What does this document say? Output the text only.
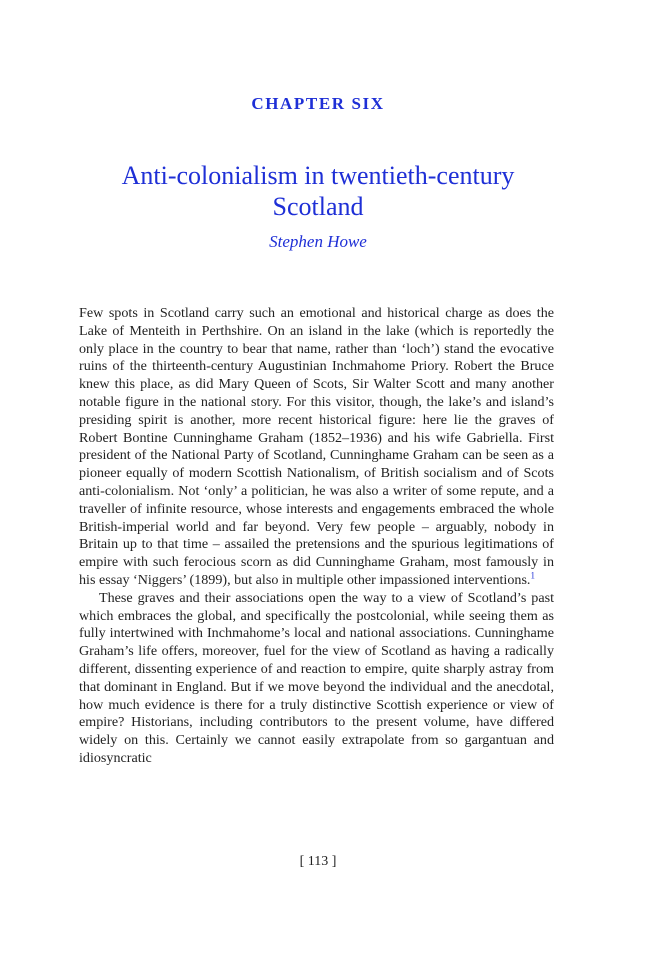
CHAPTER SIX
Anti-colonialism in twentieth-century Scotland
Stephen Howe

Few spots in Scotland carry such an emotional and historical charge as does the Lake of Menteith in Perthshire. On an island in the lake (which is reportedly the only place in the country to bear that name, rather than ‘loch’) stand the evocative ruins of the thirteenth-century Augustinian Inchmahome Priory. Robert the Bruce knew this place, as did Mary Queen of Scots, Sir Walter Scott and many another notable figure in the national story. For this visitor, though, the lake’s and island’s presiding spirit is another, more recent historical figure: here lie the graves of Robert Bontine Cunninghame Graham (1852–1936) and his wife Gabriella. First president of the National Party of Scotland, Cunninghame Graham can be seen as a pioneer equally of modern Scottish Nationalism, of British socialism and of Scots anti-colonialism. Not ‘only’ a politician, he was also a writer of some repute, and a traveller of infinite resource, whose interests and engagements embraced the whole British-imperial world and far beyond. Very few people – arguably, nobody in Britain up to that time – assailed the pretensions and the spurious legitimations of empire with such ferocious scorn as did Cunninghame Graham, most famously in his essay ‘Niggers’ (1899), but also in multiple other impassioned interventions.$^1$

These graves and their associations open the way to a view of Scotland’s past which embraces the global, and specifically the postcolonial, while seeing them as fully intertwined with Inchmahome’s local and national associations. Cunninghame Graham’s life offers, moreover, fuel for the view of Scotland as having a radically different, dissenting experience of and reaction to empire, quite sharply astray from that dominant in England. But if we move beyond the individual and the anecdotal, how much evidence is there for a truly distinctive Scottish experience or view of empire? Historians, including contributors to the present volume, have differed widely on this. Certainly we cannot easily extrapolate from so gargantuan and idiosyncratic

[ 113 ]
